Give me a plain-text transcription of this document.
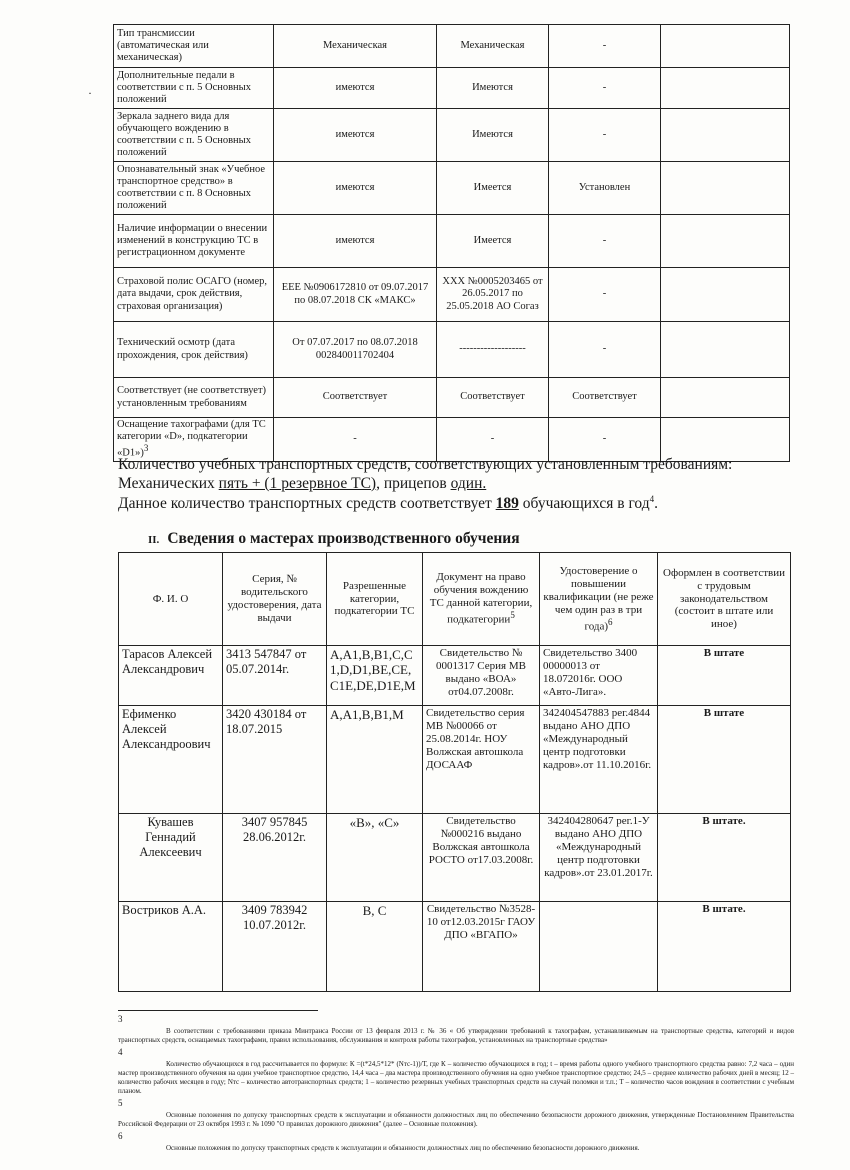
·
Тип трансмиссии (автоматическая или механическая)	Механическая	Механическая	-	
Дополнительные педали в соответствии с п. 5 Основных положений	имеются	Имеются	-	
Зеркала заднего вида для обучающего вождению в соответствии с п. 5 Основных положений	имеются	Имеются	-	
Опознавательный знак «Учебное транспортное средство» в соответствии с п. 8 Основных положений	имеются	Имеется	Установлен	
Наличие информации о внесении изменений в конструкцию ТС в регистрационном документе	имеются	Имеется	-	
Страховой полис ОСАГО (номер, дата выдачи, срок действия, страховая организация)	ЕЕЕ №0906172810 от 09.07.2017 по 08.07.2018 СК «МАКС»	ХХХ №0005203465 от 26.05.2017 по 25.05.2018 АО Согаз	-	
Технический осмотр (дата прохождения, срок действия)	От 07.07.2017 по 08.07.2018 002840011702404	-------------------	-	
Соответствует (не соответствует) установленным требованиям	Соответствует	Соответствует	Соответствует	
Оснащение тахографами (для ТС категории «D», подкатегории «D1»)$^3$	-	-	-	

Количество учебных транспортных средств, соответствующих установленным требованиям:

Механических пять + (1 резервное ТС), прицепов один.

Данное количество транспортных средств соответствует 189 обучающихся в год$^4$.

II. Сведения о мастерах производственного обучения
Ф. И. О	Серия, № водительского удостоверения, дата выдачи	Разрешенные категории, подкатегории ТС	Документ на право обучения вождению ТС данной категории, подкатегории$^5$	Удостоверение о повышении квалификации (не реже чем один раз в три года)$^6$	Оформлен в соответствии с трудовым законодательством (состоит в штате или иное)
Тарасов Алексей Александрович	3413 547847 от 05.07.2014г.	А,А1,В,В1,С,С1,D,D1,ВЕ,СЕ,С1Е,DЕ,D1Е,М	Свидетельство № 0001317 Серия МВ выдано «ВОА» от04.07.2008г.	Свидетельство 3400 00000013 от 18.072016г. ООО «Авто-Лига».	В штате
Ефименко Алексей Александроович	3420 430184 от 18.07.2015	А,А1,В,В1,М	Свидетельство серия МВ №00066 от 25.08.2014г. НОУ Волжская автошкола ДОСААФ	342404547883 рег.4844 выдано АНО ДПО «Международный центр подготовки кадров».от 11.10.2016г.	В штате
Кувашев Геннадий Алексеевич	3407 957845 28.06.2012г.	«В», «С»	Свидетельство №000216 выдано Волжская автошкола РОСТО от17.03.2008г.	342404280647 рег.1-У выдано АНО ДПО «Международный центр подготовки кадров».от 23.01.2017г.	В штате.
Востриков А.А.	3409 783942 10.07.2012г.	В, С	Свидетельство №3528-10 от12.03.2015г ГАОУ ДПО «ВГАПО»		В штате.
3
В соответствии с требованиями приказа Минтранса России от 13 февраля 2013 г. № 36 « Об утверждении требований к тахографам, устанавливаемым на транспортные средства, категорий и видов транспортных средств, оснащаемых тахографами, правил использования, обслуживания и контроля работы тахографов, установленных на транспортные средства»
4
Количество обучающихся в год рассчитывается по формуле: К =(t*24,5*12* (Nтс-1))/Т, где К – количество обучающихся в год; t – время работы одного учебного транспортного средства равно: 7,2 часа – один мастер производственного обучения на один учебное транспортное средство, 14,4 часа – два мастера производственного обучения на одно учебное транспортное средство; 24,5 – среднее количество рабочих дней в месяц; 12 – количество рабочих месяцев в году; Nтс – количество автотранспортных средств; 1 – количество резервных учебных транспортных средств на случай поломки и т.п.; Т – количество часов вождения в соответствии с учебным планом.
5
Основные положения по допуску транспортных средств к эксплуатации и обязанности должностных лиц по обеспечению безопасности дорожного движения, утвержденные Постановлением Правительства Российской Федерации от 23 октября 1993 г. № 1090 "О правилах дорожного движения" (далее – Основные положения).
6
Основные положения по допуску транспортных средств к эксплуатации и обязанности должностных лиц по обеспечению безопасности дорожного движения.
